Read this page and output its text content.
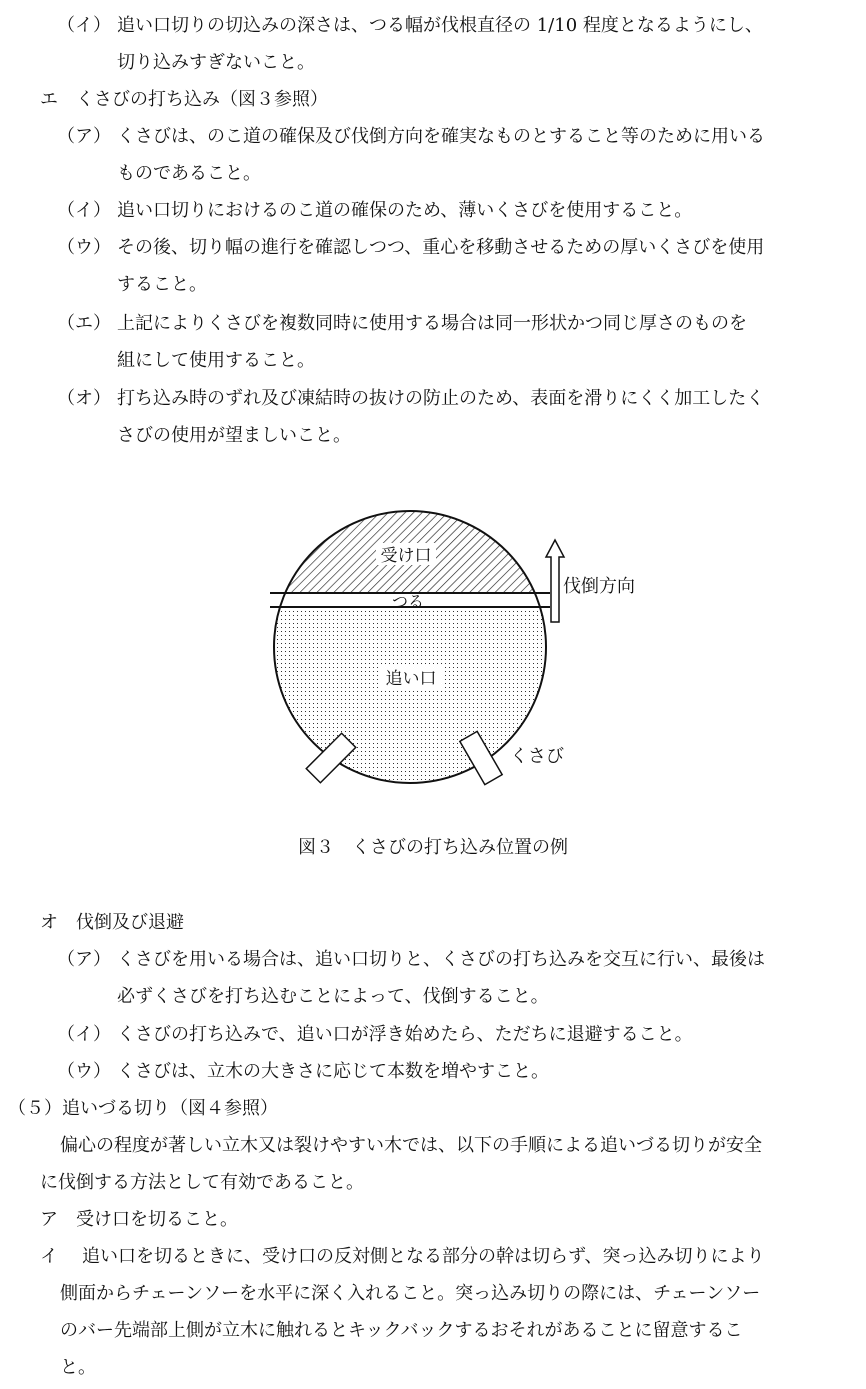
（イ） 追い口切りの切込みの深さは、つる幅が伐根直径の 1/10 程度となるようにし、
切り込みすぎないこと。
エ　くさびの打ち込み（図３参照）
（ア） くさびは、のこ道の確保及び伐倒方向を確実なものとすること等のために用いる
ものであること。
（イ） 追い口切りにおけるのこ道の確保のため、薄いくさびを使用すること。
（ウ） その後、切り幅の進行を確認しつつ、重心を移動させるための厚いくさびを使用
すること。
（エ） 上記によりくさびを複数同時に使用する場合は同一形状かつ同じ厚さのものを
組にして使用すること。
（オ） 打ち込み時のずれ及び凍結時の抜けの防止のため、表面を滑りにくく加工したく
さびの使用が望ましいこと。
受け口
つる
追い口
くさび
伐倒方向
図３　くさびの打ち込み位置の例
オ　伐倒及び退避
（ア） くさびを用いる場合は、追い口切りと、くさびの打ち込みを交互に行い、最後は
必ずくさびを打ち込むことによって、伐倒すること。
（イ） くさびの打ち込みで、追い口が浮き始めたら、ただちに退避すること。
（ウ） くさびは、立木の大きさに応じて本数を増やすこと。
（５）追いづる切り（図４参照）
偏心の程度が著しい立木又は裂けやすい木では、以下の手順による追いづる切りが安全
に伐倒する方法として有効であること。
ア　受け口を切ること。
イ 追い口を切るときに、受け口の反対側となる部分の幹は切らず、突っ込み切りにより
側面からチェーンソーを水平に深く入れること。突っ込み切りの際には、チェーンソー
のバー先端部上側が立木に触れるとキックバックするおそれがあることに留意するこ
と。
